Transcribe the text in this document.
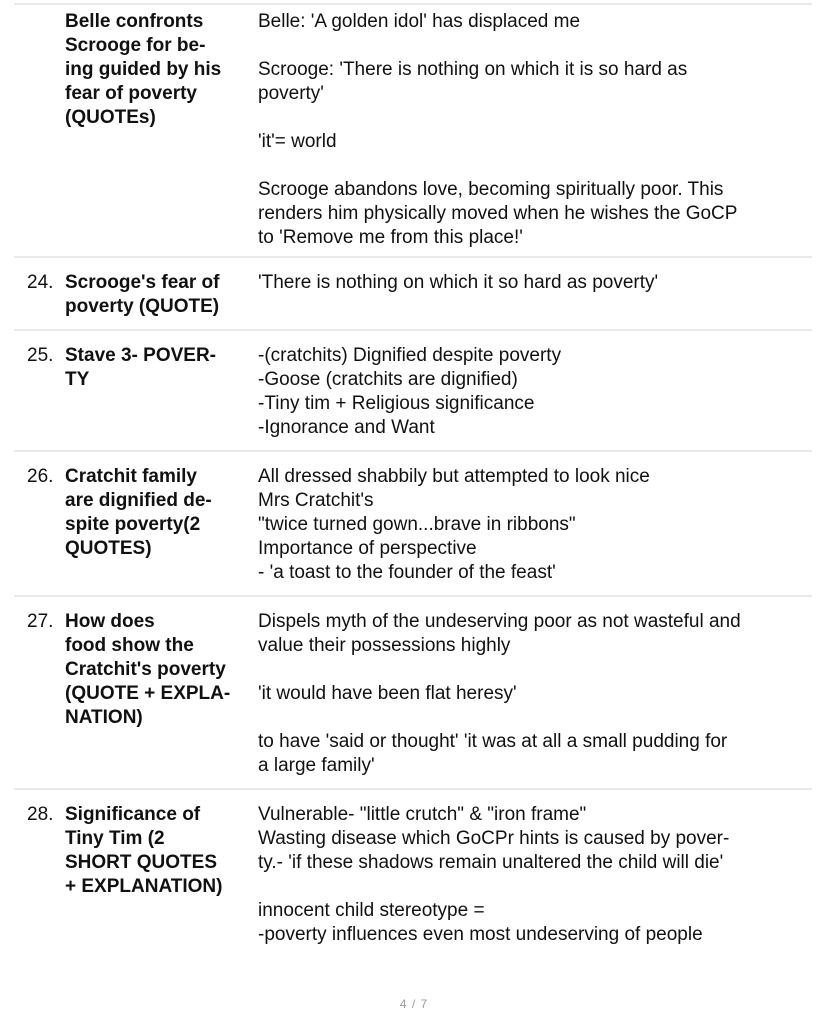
Belle confronts
Scrooge for be-
ing guided by his
fear of poverty
(QUOTEs)
Belle: 'A golden idol' has displaced me

Scrooge: 'There is nothing on which it is so hard as
poverty'

'it'= world

Scrooge abandons love, becoming spiritually poor. This
renders him physically moved when he wishes the GoCP
to 'Remove me from this place!'
24. Scrooge's fear of
poverty (QUOTE)
'There is nothing on which it so hard as poverty'
25. Stave 3- POVER-
TY
-(cratchits) Dignified despite poverty
-Goose (cratchits are dignified)
-Tiny tim + Religious significance
-Ignorance and Want
26. Cratchit family
are dignified de-
spite poverty(2
QUOTES)
All dressed shabbily but attempted to look nice
Mrs Cratchit's
"twice turned gown...brave in ribbons"
Importance of perspective
- 'a toast to the founder of the feast'
27. How does
food show the
Cratchit's poverty
(QUOTE + EXPLA-
NATION)
Dispels myth of the undeserving poor as not wasteful and
value their possessions highly

'it would have been flat heresy'

to have 'said or thought' 'it was at all a small pudding for
a large family'
28. Significance of
Tiny Tim (2
SHORT QUOTES
+ EXPLANATION)
Vulnerable- "little crutch" & "iron frame"
Wasting disease which GoCPr hints is caused by pover-
ty.- 'if these shadows remain unaltered the child will die'

innocent child stereotype =
-poverty influences even most undeserving of people
4 / 7
